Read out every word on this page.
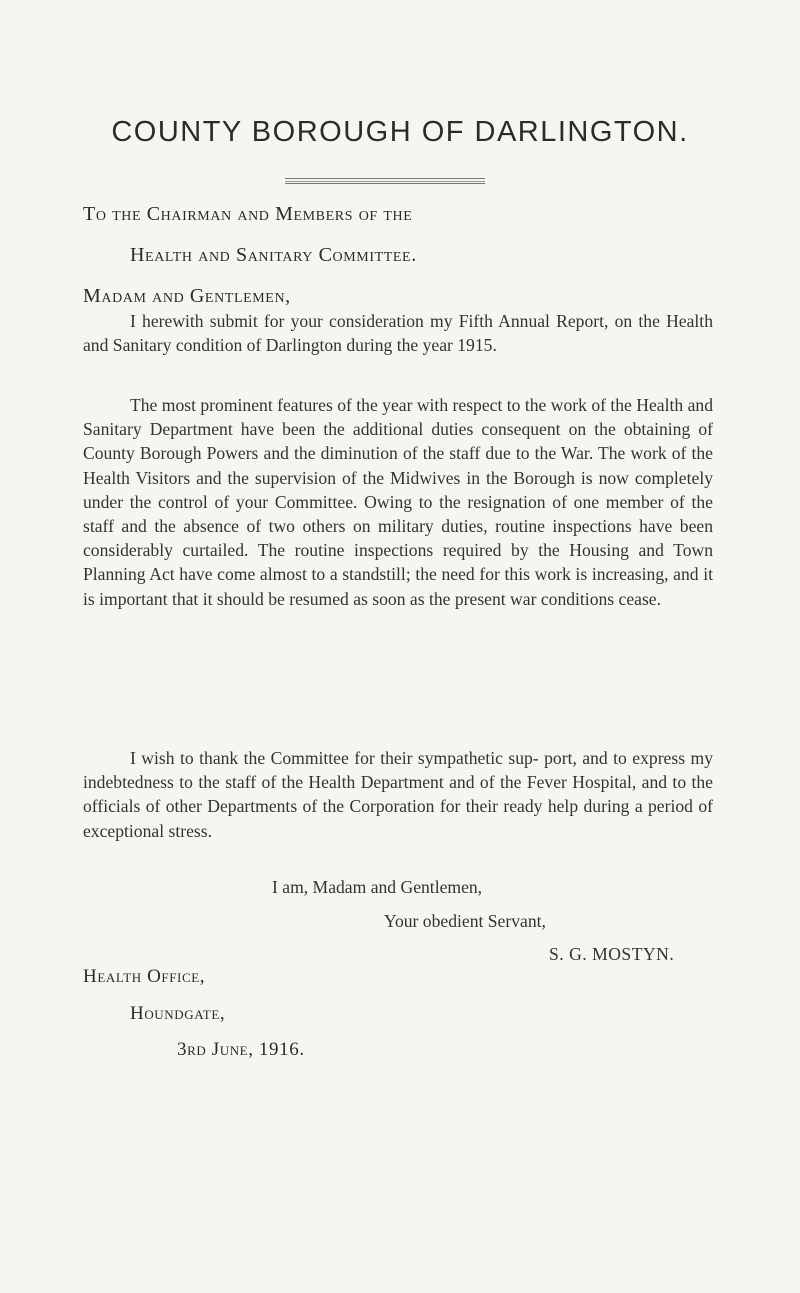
COUNTY BOROUGH OF DARLINGTON.
To the Chairman and Members of the
Health and Sanitary Committee.
Madam and Gentlemen,

I herewith submit for your consideration my Fifth Annual Report, on the Health and Sanitary condition of Darlington during the year 1915.

The most prominent features of the year with respect to the work of the Health and Sanitary Department have been the additional duties consequent on the obtaining of County Borough Powers and the diminution of the staff due to the War. The work of the Health Visitors and the supervision of the Midwives in the Borough is now completely under the control of your Committee. Owing to the resignation of one member of the staff and the absence of two others on military duties, routine inspections have been considerably curtailed. The routine inspections required by the Housing and Town Planning Act have come almost to a standstill; the need for this work is increasing, and it is important that it should be resumed as soon as the present war conditions cease.

I wish to thank the Committee for their sympathetic sup- port, and to express my indebtedness to the staff of the Health Department and of the Fever Hospital, and to the officials of other Departments of the Corporation for their ready help during a period of exceptional stress.

I am, Madam and Gentlemen,
Your obedient Servant,
S. G. MOSTYN.
Health Office,
Houndgate,
3rd June, 1916.
